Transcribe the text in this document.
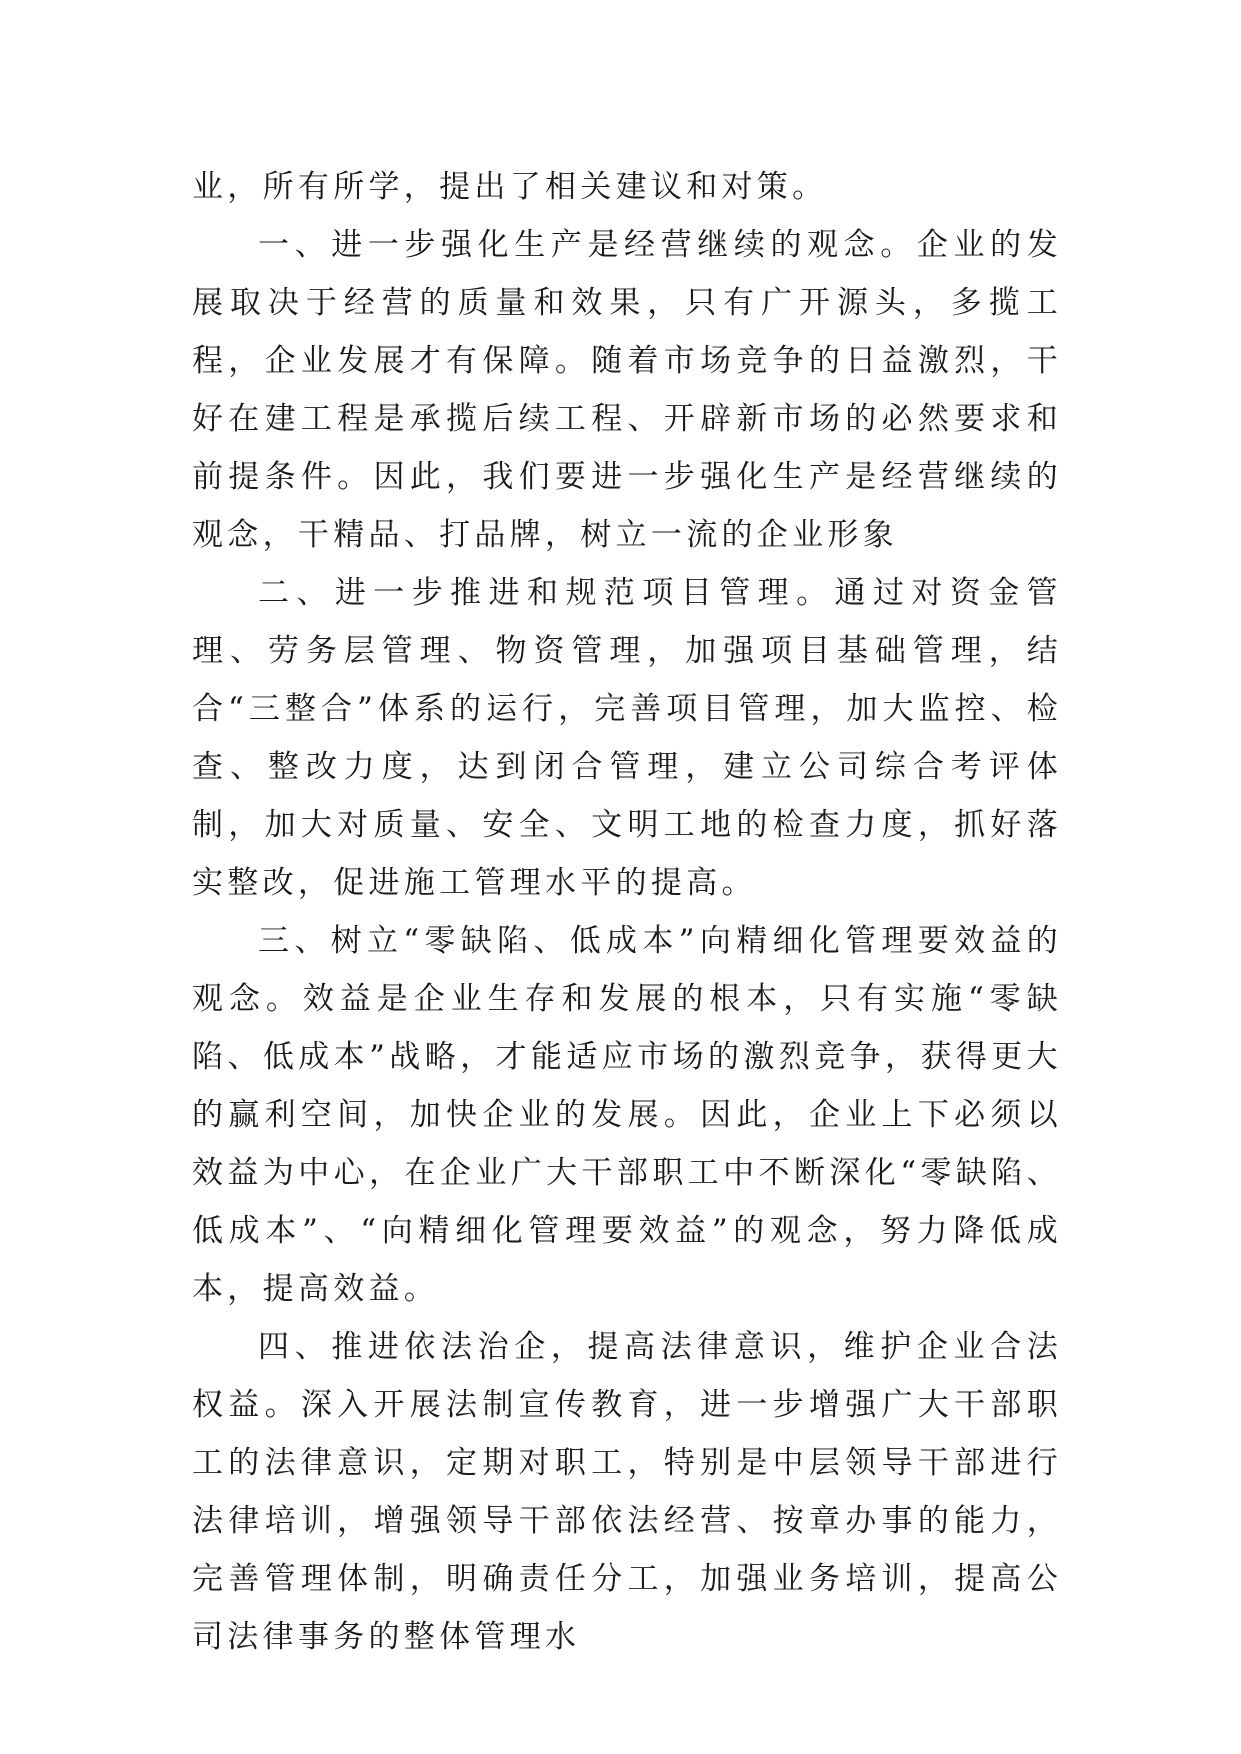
业，所有所学，提出了相关建议和对策。

一、进一步强化生产是经营继续的观念。企业的发展取决于经营的质量和效果，只有广开源头，多揽工程，企业发展才有保障。随着市场竞争的日益激烈，干好在建工程是承揽后续工程、开辟新市场的必然要求和前提条件。因此，我们要进一步强化生产是经营继续的观念，干精品、打品牌，树立一流的企业形象

二、进一步推进和规范项目管理。通过对资金管理、劳务层管理、物资管理，加强项目基础管理，结合“三整合”体系的运行，完善项目管理，加大监控、检查、整改力度，达到闭合管理，建立公司综合考评体制，加大对质量、安全、文明工地的检查力度，抓好落实整改，促进施工管理水平的提高。

三、树立“零缺陷、低成本”向精细化管理要效益的观念。效益是企业生存和发展的根本，只有实施“零缺陷、低成本”战略，才能适应市场的激烈竞争，获得更大的赢利空间，加快企业的发展。因此，企业上下必须以效益为中心，在企业广大干部职工中不断深化“零缺陷、低成本”、“向精细化管理要效益”的观念，努力降低成本，提高效益。

四、推进依法治企，提高法律意识，维护企业合法权益。深入开展法制宣传教育，进一步增强广大干部职工的法律意识，定期对职工，特别是中层领导干部进行法律培训，增强领导干部依法经营、按章办事的能力，完善管理体制，明确责任分工，加强业务培训，提高公司法律事务的整体管理水
